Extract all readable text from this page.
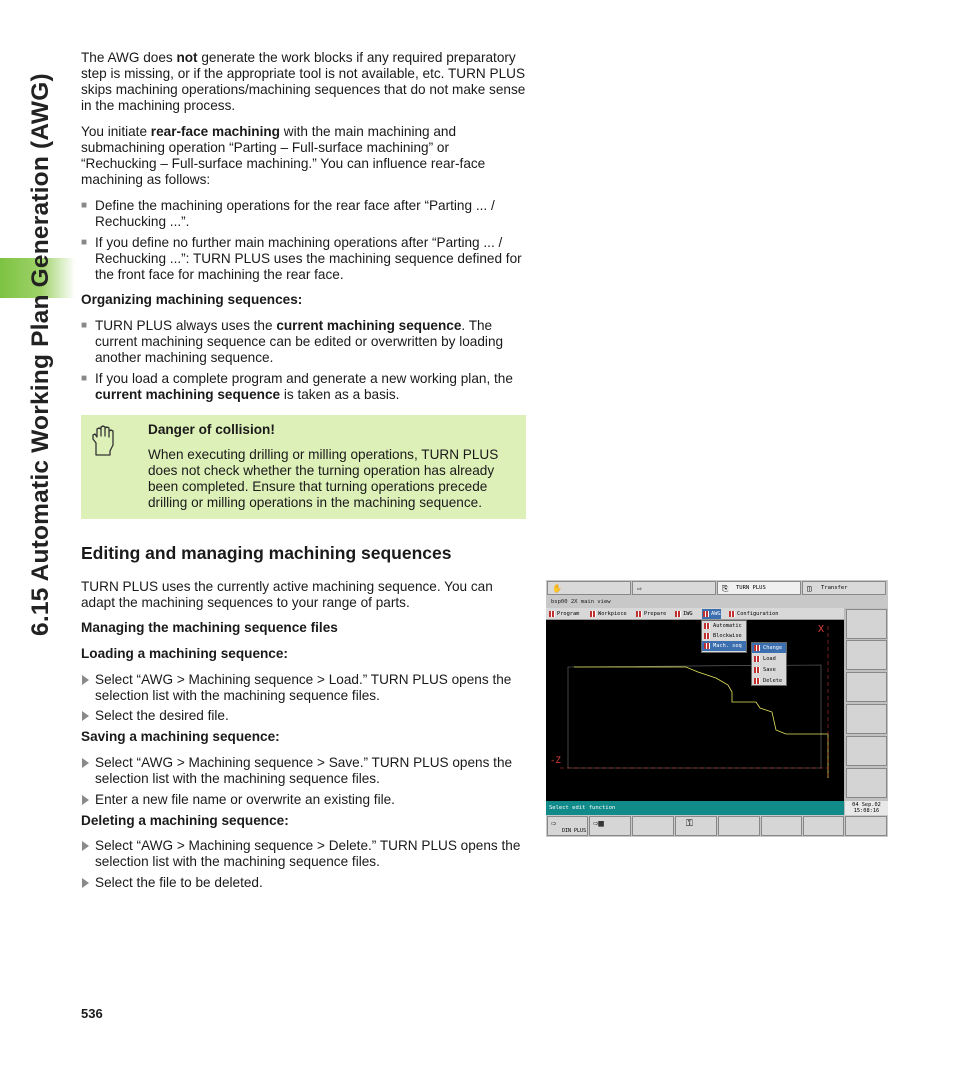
6.15 Automatic Working Plan Generation (AWG)

The AWG does not generate the work blocks if any required preparatory step is missing, or if the appropriate tool is not available, etc. TURN PLUS skips machining operations/machining sequences that do not make sense in the machining process.

You initiate rear-face machining with the main machining and submachining operation “Parting – Full-surface machining” or “Rechucking – Full-surface machining.” You can influence rear-face machining as follows:

■ Define the machining operations for the rear face after “Parting ... / Rechucking ...”.
■ If you define no further main machining operations after “Parting ... / Rechucking ...”: TURN PLUS uses the machining sequence defined for the front face for machining the rear face.
Organizing machining sequences:
■ TURN PLUS always uses the current machining sequence. The current machining sequence can be edited or overwritten by loading another machining sequence.
■ If you load a complete program and generate a new working plan, the current machining sequence is taken as a basis.
Danger of collision!
When executing drilling or milling operations, TURN PLUS does not check whether the turning operation has already been completed. Ensure that turning operations precede drilling or milling operations in the machining sequence.
Editing and managing machining sequences
TURN PLUS uses the currently active machining sequence. You can adapt the machining sequences to your range of parts.
Managing the machining sequence files
Loading a machining sequence:
Select “AWG > Machining sequence > Load.” TURN PLUS opens the selection list with the machining sequence files.
Select the desired file.
Saving a machining sequence:
Select “AWG > Machining sequence > Save.” TURN PLUS opens the selection list with the machining sequence files.
Enter a new file name or overwrite an existing file.
Deleting a machining sequence:
Select “AWG > Machining sequence > Delete.” TURN PLUS opens the selection list with the machining sequence files.
Select the file to be deleted.
536
✋	⇨	⎘ TURN PLUS	◫ Transfer
bsp00 2X main view
Program	Workpiece	Prepare	IWG	AWG	Configuration
X
-Z
Automatic
Blockwise
Mach. seq	Change
Load
Save
Delete
Select edit function	04 Sep.02
15:08:16
⇨
DIN PLUS
⇨▦	⚿
